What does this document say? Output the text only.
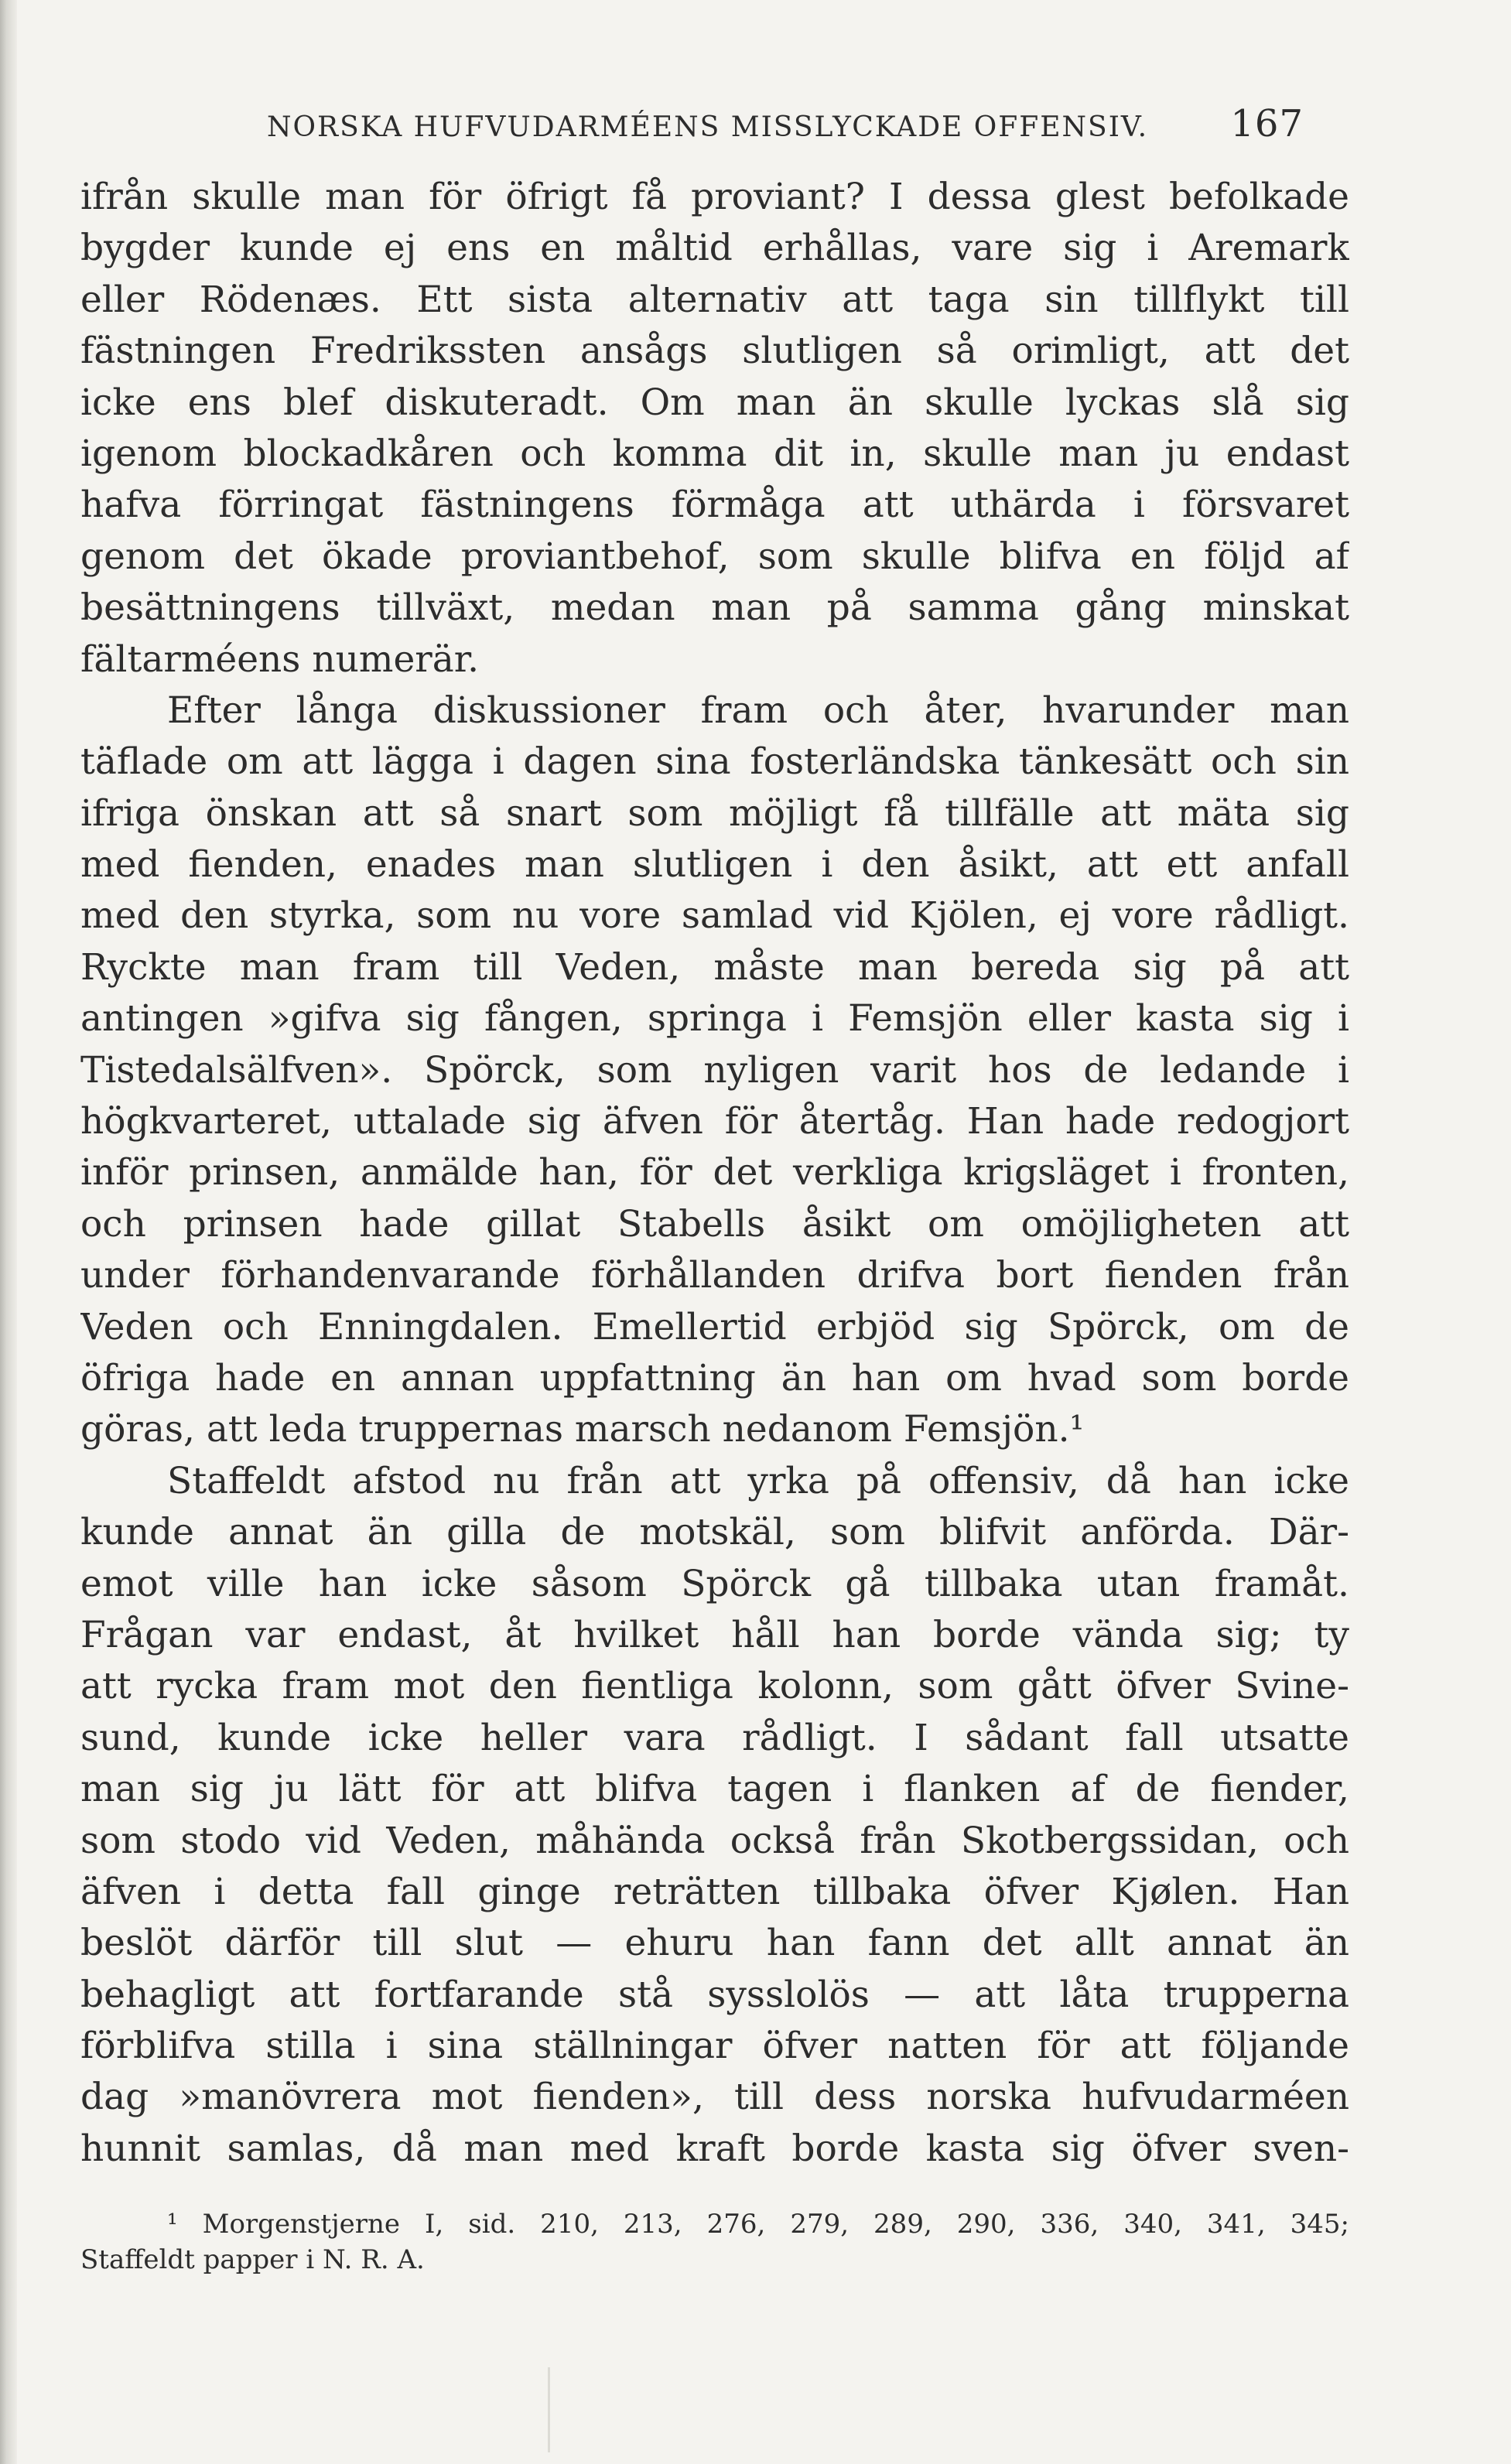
NORSKA HUFVUDARMÉENS MISSLYCKADE OFFENSIV. 167
ifrån skulle man för öfrigt få proviant? I dessa glest befolkade
bygder kunde ej ens en måltid erhållas, vare sig i Aremark
eller Rödenæs. Ett sista alternativ att taga sin tillflykt till
fästningen Fredrikssten ansågs slutligen så orimligt, att det
icke ens blef diskuteradt. Om man än skulle lyckas slå sig
igenom blockadkåren och komma dit in, skulle man ju endast
hafva förringat fästningens förmåga att uthärda i försvaret
genom det ökade proviantbehof, som skulle blifva en följd af
besättningens tillväxt, medan man på samma gång minskat
fältarméens numerär.
Efter långa diskussioner fram och åter, hvarunder man
täflade om att lägga i dagen sina fosterländska tänkesätt och sin
ifriga önskan att så snart som möjligt få tillfälle att mäta sig
med fienden, enades man slutligen i den åsikt, att ett anfall
med den styrka, som nu vore samlad vid Kjölen, ej vore rådligt.
Ryckte man fram till Veden, måste man bereda sig på att
antingen »gifva sig fången, springa i Femsjön eller kasta sig i
Tistedalsälfven». Spörck, som nyligen varit hos de ledande i
högkvarteret, uttalade sig äfven för återtåg. Han hade redogjort
inför prinsen, anmälde han, för det verkliga krigsläget i fronten,
och prinsen hade gillat Stabells åsikt om omöjligheten att
under förhandenvarande förhållanden drifva bort fienden från
Veden och Enningdalen. Emellertid erbjöd sig Spörck, om de
öfriga hade en annan uppfattning än han om hvad som borde
göras, att leda truppernas marsch nedanom Femsjön.¹
Staffeldt afstod nu från att yrka på offensiv, då han icke
kunde annat än gilla de motskäl, som blifvit anförda. Där-
emot ville han icke såsom Spörck gå tillbaka utan framåt.
Frågan var endast, åt hvilket håll han borde vända sig; ty
att rycka fram mot den fientliga kolonn, som gått öfver Svine-
sund, kunde icke heller vara rådligt. I sådant fall utsatte
man sig ju lätt för att blifva tagen i flanken af de fiender,
som stodo vid Veden, måhända också från Skotbergssidan, och
äfven i detta fall ginge reträtten tillbaka öfver Kjølen. Han
beslöt därför till slut — ehuru han fann det allt annat än
behagligt att fortfarande stå sysslolös — att låta trupperna
förblifva stilla i sina ställningar öfver natten för att följande
dag »manövrera mot fienden», till dess norska hufvudarméen
hunnit samlas, då man med kraft borde kasta sig öfver sven-
¹ Morgenstjerne I, sid. 210, 213, 276, 279, 289, 290, 336, 340, 341, 345;
Staffeldt papper i N. R. A.
